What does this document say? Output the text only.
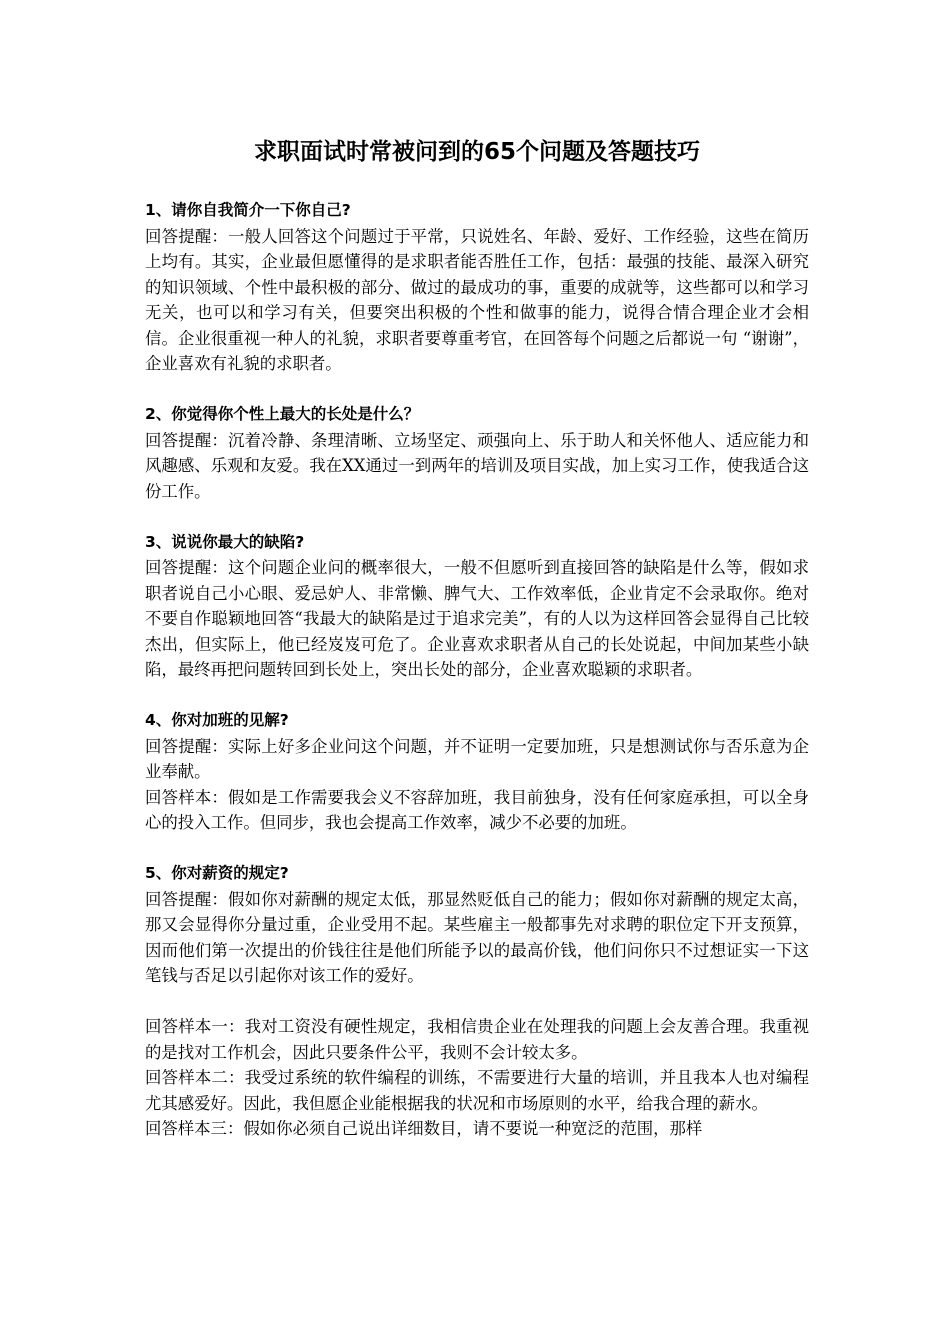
求职面试时常被问到的65个问题及答题技巧

1、请你自我简介一下你自己?

回答提醒：一般人回答这个问题过于平常，只说姓名、年龄、爱好、工作经验，这些在简历上均有。其实，企业最但愿懂得的是求职者能否胜任工作，包括：最强的技能、最深入研究的知识领域、个性中最积极的部分、做过的最成功的事，重要的成就等，这些都可以和学习无关，也可以和学习有关，但要突出积极的个性和做事的能力，说得合情合理企业才会相信。企业很重视一种人的礼貌，求职者要尊重考官，在回答每个问题之后都说一句 “谢谢”，企业喜欢有礼貌的求职者。

2、你觉得你个性上最大的长处是什么？

回答提醒：沉着冷静、条理清晰、立场坚定、顽强向上、乐于助人和关怀他人、适应能力和风趣感、乐观和友爱。我在XX通过一到两年的培训及项目实战，加上实习工作，使我适合这份工作。

3、说说你最大的缺陷?

回答提醒：这个问题企业问的概率很大，一般不但愿听到直接回答的缺陷是什么等，假如求职者说自己小心眼、爱忌妒人、非常懒、脾气大、工作效率低，企业肯定不会录取你。绝对不要自作聪颖地回答“我最大的缺陷是过于追求完美”，有的人以为这样回答会显得自己比较杰出，但实际上，他已经岌岌可危了。企业喜欢求职者从自己的长处说起，中间加某些小缺陷，最终再把问题转回到长处上，突出长处的部分，企业喜欢聪颖的求职者。

4、你对加班的见解?

回答提醒：实际上好多企业问这个问题，并不证明一定要加班，只是想测试你与否乐意为企业奉献。

回答样本：假如是工作需要我会义不容辞加班，我目前独身，没有任何家庭承担，可以全身心的投入工作。但同步，我也会提高工作效率，减少不必要的加班。

5、你对薪资的规定?

回答提醒：假如你对薪酬的规定太低，那显然贬低自己的能力；假如你对薪酬的规定太高，那又会显得你分量过重，企业受用不起。某些雇主一般都事先对求聘的职位定下开支预算，因而他们第一次提出的价钱往往是他们所能予以的最高价钱，他们问你只不过想证实一下这笔钱与否足以引起你对该工作的爱好。

回答样本一：我对工资没有硬性规定，我相信贵企业在处理我的问题上会友善合理。我重视的是找对工作机会，因此只要条件公平，我则不会计较太多。

回答样本二：我受过系统的软件编程的训练，不需要进行大量的培训，并且我本人也对编程尤其感爱好。因此，我但愿企业能根据我的状况和市场原则的水平，给我合理的薪水。

回答样本三：假如你必须自己说出详细数目，请不要说一种宽泛的范围，那样
